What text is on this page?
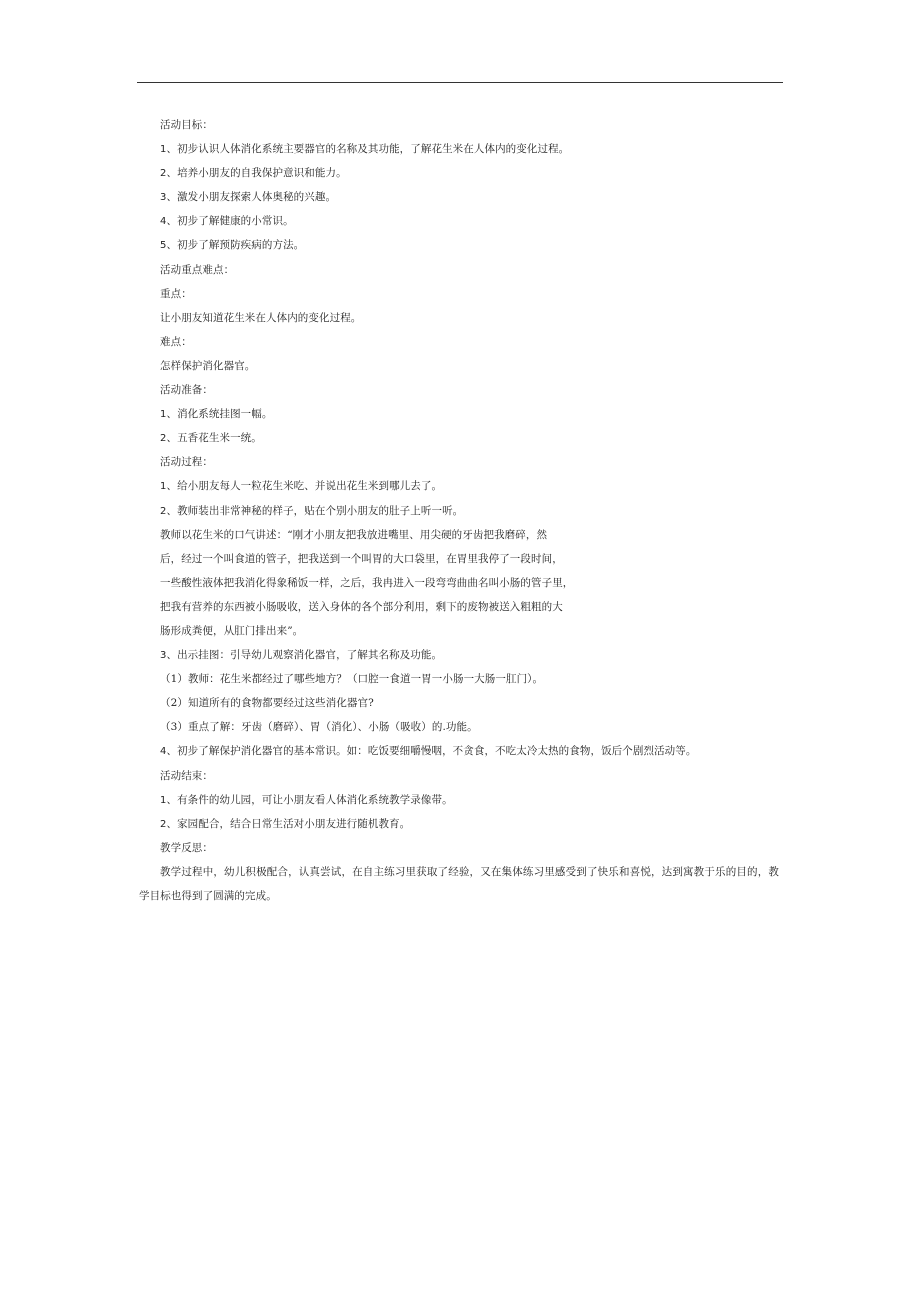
活动目标：
1、初步认识人体消化系统主要器官的名称及其功能，了解花生米在人体内的变化过程。
2、培养小朋友的自我保护意识和能力。
3、激发小朋友探索人体奥秘的兴趣。
4、初步了解健康的小常识。
5、初步了解预防疾病的方法。
活动重点难点：
重点：
让小朋友知道花生米在人体内的变化过程。
难点：
怎样保护消化器官。
活动准备：
1、消化系统挂图一幅。
2、五香花生米一统。
活动过程：
1、给小朋友每人一粒花生米吃、并说出花生米到哪儿去了。
2、教师装出非常神秘的样子，贴在个别小朋友的肚子上听一听。
教师以花生米的口气讲述：“刚才小朋友把我放进嘴里、用尖硬的牙齿把我磨碎，然
后，经过一个叫食道的管子，把我送到一个叫胃的大口袋里，在胃里我停了一段时间，
一些酸性液体把我消化得象稀饭一样，之后，我冉进入一段弯弯曲曲名叫小肠的管子里，
把我有营养的东西被小肠吸收，送入身体的各个部分利用，剩下的废物被送入粗粗的大
肠形成粪便，从肛门排出来”。
3、出示挂图：引导幼儿观察消化器官，了解其名称及功能。
（1）教师：花生米都经过了哪些地方？（口腔一食道一胃一小肠一大肠一肛门）。
（2）知道所有的食物都要经过这些消化器官?
（3）重点了解：牙齿（磨碎）、胃（消化）、小肠（吸收）的.功能。
4、初步了解保护消化器官的基本常识。如：吃饭要细嚼慢咽，不贪食，不吃太冷太热的食物，饭后个剧烈活动等。
活动结束：
1、有条件的幼儿园，可让小朋友看人体消化系统教学录像带。
2、家园配合，结合日常生活对小朋友进行随机教育。
教学反思：
教学过程中，幼儿积极配合，认真尝试，在自主练习里获取了经验，又在集体练习里感受到了快乐和喜悦，达到寓教于乐的目的，教学目标也得到了圆满的完成。
